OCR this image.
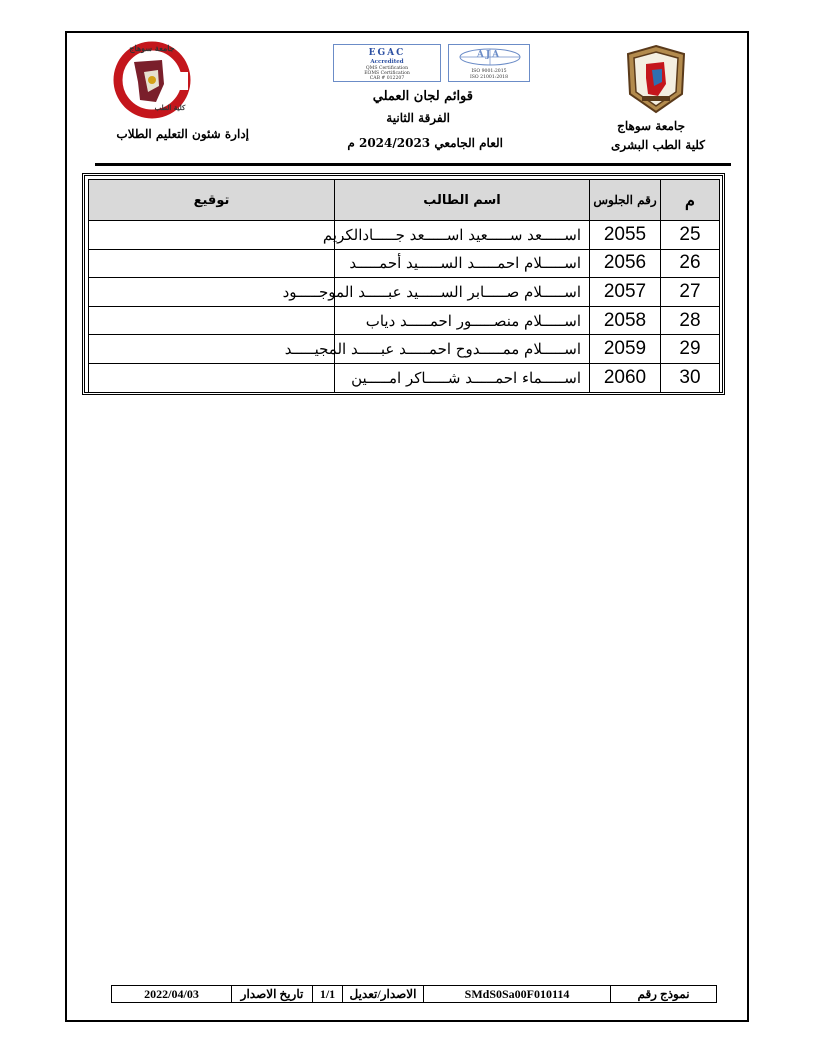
جامعة سوهاج
كلية الطب
EGAC
Accredited
QMS Certification
EOMS Certification
CAB # 012207
AJA
ISO 9001:2015
ISO 21001:2018
إدارة شئون التعليم الطلاب
قوائم لجان العملي
الفرقة الثانية
العام الجامعي 2024/2023 م
جامعة سوهاج
كلية الطب البشرى
م	رقم الجلوس	اسم الطالب	توقيع
25	2055	اســـــعد ســـــعيد اســـــعد جـــــادالكريم	
26	2056	اســـــلام احمـــــد الســـــيد أحمـــــد	
27	2057	اســـــلام صـــــابر الســـــيد عبـــــد الموجـــــود	
28	2058	اســـــلام منصـــــور احمـــــد دياب	
29	2059	اســـــلام ممـــــدوح احمـــــد عبـــــد المجيـــــد	
30	2060	اســـــماء احمـــــد شـــــاكر امـــــين	
نموذج رقم
SMdS0Sa00F010114
الاصدار/تعديل
1/1
تاريخ الاصدار
2022/04/03
